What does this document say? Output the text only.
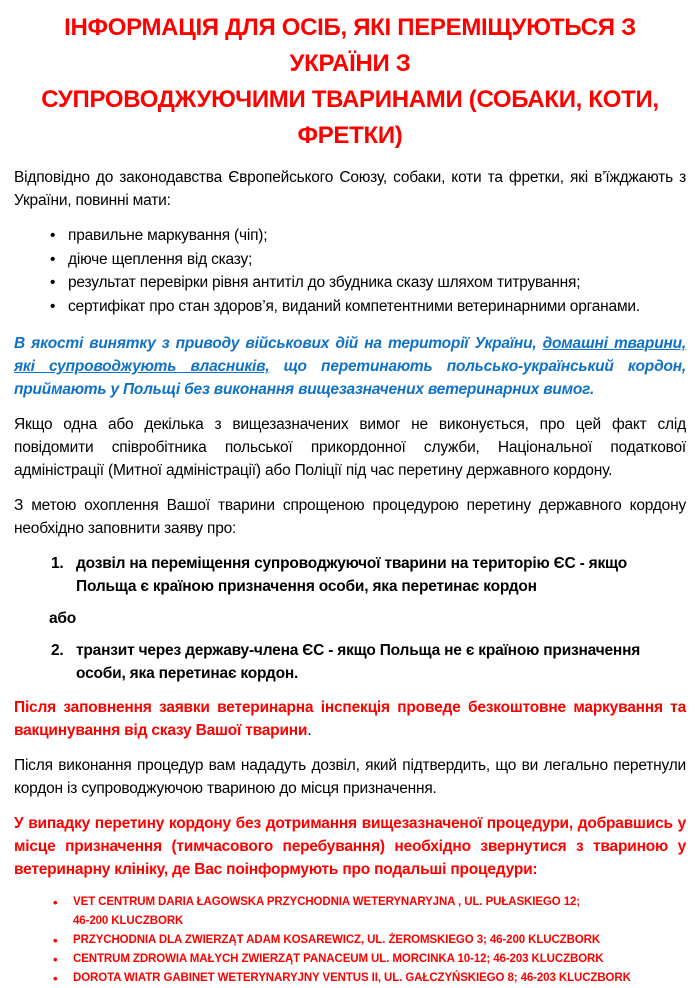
ІНФОРМАЦІЯ ДЛЯ ОСІБ, ЯКІ ПЕРЕМІЩУЮТЬСЯ З УКРАЇНИ З
СУПРОВОДЖУЮЧИМИ ТВАРИНАМИ (СОБАКИ, КОТИ,
ФРЕТКИ)

Відповідно до законодавства Європейського Союзу, собаки, коти та фретки, які в’їжджають з України, повинні мати:

• правильне маркування (чіп);
• діюче щеплення від сказу;
• результат перевірки рівня антитіл до збудника сказу шляхом титрування;
• сертифікат про стан здоров’я, виданий компетентними ветеринарними органами.

В якості винятку з приводу військових дій на території України, домашні тварини, які супроводжують власників, що перетинають польсько-український кордон, приймають у Польщі без виконання вищезазначених ветеринарних вимог.

Якщо одна або декілька з вищезазначених вимог не виконується, про цей факт слід повідомити співробітника польської прикордонної служби, Національної податкової адміністрації (Митної адміністрації) або Поліції під час перетину державного кордону.

З метою охоплення Вашої тварини спрощеною процедурою перетину державного кордону необхідно заповнити заяву про:

1. дозвіл на переміщення супроводжуючої тварини на територію ЄС - якщо Польща є країною призначення особи, яка перетинає кордон

або

2. транзит через державу-члена ЄС - якщо Польща не є країною призначення особи, яка перетинає кордон.

Після заповнення заявки ветеринарна інспекція проведе безкоштовне маркування та вакцинування від сказу Вашої тварини.

Після виконання процедур вам нададуть дозвіл, який підтвердить, що ви легально перетнули кордон із супроводжуючою твариною до місця призначення.

У випадку перетину кордону без дотримання вищезазначеної процедури, добравшись у місце призначення (тимчасового перебування) необхідно звернутися з твариною у ветеринарну клініку, де Вас поінформують про подальші процедури:

• VET CENTRUM DARIA ŁAGOWSKA PRZYCHODNIA WETERYNARYJNA , UL. PUŁASKIEGO 12;
46-200 KLUCZBORK
• PRZYCHODNIA DLA ZWIERZĄT ADAM KOSAREWICZ, UL. ŻEROMSKIEGO 3; 46-200 KLUCZBORK
• CENTRUM ZDROWIA MAŁYCH ZWIERZĄT PANACEUM UL. MORCINKA 10-12; 46-203 KLUCZBORK
• DOROTA WIATR GABINET WETERYNARYJNY VENTUS II, UL. GAŁCZYŃSKIEGO 8; 46-203 KLUCZBORK
